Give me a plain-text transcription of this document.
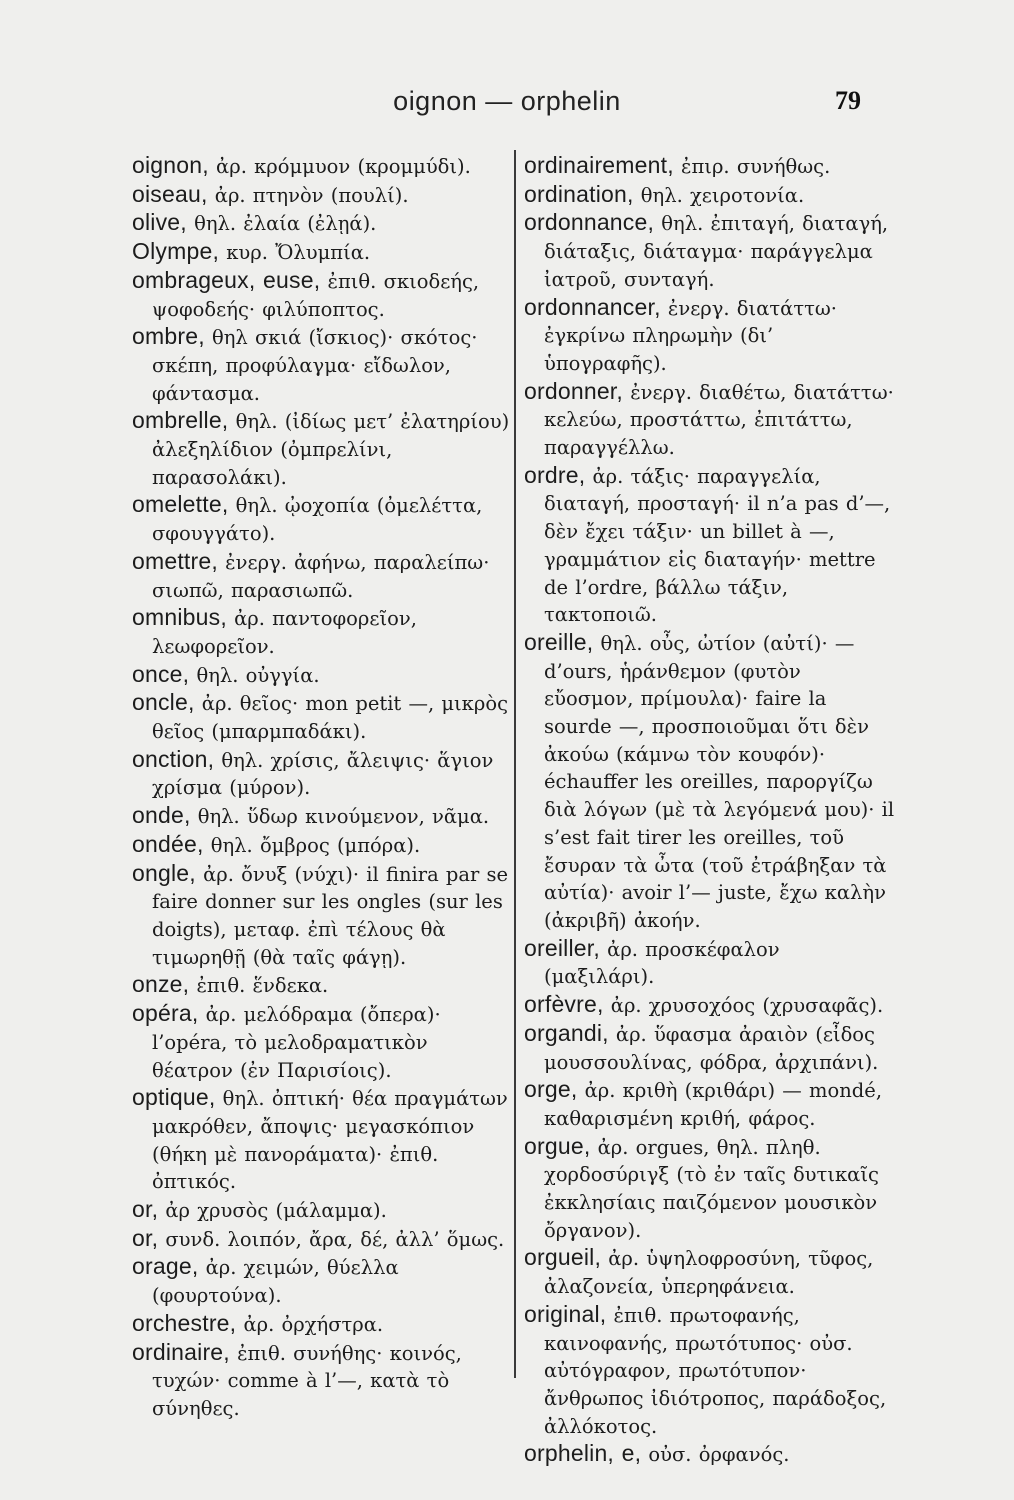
oignon — orphelin	79

oignon, ἀρ. κρόμμυον (κρομμύδι).

oiseau, ἀρ. πτηνὸν (πουλί).

olive, θηλ. ἐλαία (ἐλῃά).

Olympe, κυρ. Ὄλυμπία.

ombrageux, euse, ἐπιθ. σκιοδεής, ψοφοδεής· φιλύποπτος.

ombre, θηλ σκιά (ἴσκιος)· σκότος· σκέπη, προφύλαγμα· εἴδωλον, φάντασμα.

ombrelle, θηλ. (ἰδίως μετ’ ἐλατηρίου) ἀλεξηλίδιον (ὀμπρελίνι, παρασολάκι).

omelette, θηλ. ᾠοχοπία (ὀμελέττα, σφουγγάτο).

omettre, ἐνεργ. ἀφήνω, παραλείπω· σιωπῶ, παρασιωπῶ.

omnibus, ἀρ. παντοφορεῖον, λεωφορεῖον.

once, θηλ. οὐγγία.

oncle, ἀρ. θεῖος· mon petit —, μικρὸς θεῖος (μπαρμπαδάκι).

onction, θηλ. χρίσις, ἄλειψις· ἅγιον χρίσμα (μύρον).

onde, θηλ. ὕδωρ κινούμενον, νᾶμα.

ondée, θηλ. ὄμβρος (μπόρα).

ongle, ἀρ. ὄνυξ (νύχι)· il finira par se faire donner sur les ongles (sur les doigts), μεταφ. ἐπὶ τέλους θὰ τιμωρηθῇ (θὰ ταῖς φάγῃ).

onze, ἐπιθ. ἕνδεκα.

opéra, ἀρ. μελόδραμα (ὄπερα)· l’opéra, τὸ μελοδραματικὸν θέατρον (ἐν Παρισίοις).

optique, θηλ. ὀπτική· θέα πραγμάτων μακρόθεν, ἄποψις· μεγασκόπιον (θήκη μὲ πανοράματα)· ἐπιθ. ὀπτικός.

or, ἀρ χρυσὸς (μάλαμμα).

or, συνδ. λοιπόν, ἄρα, δέ, ἀλλ’ ὅμως.

orage, ἀρ. χειμών, θύελλα (φουρτούνα).

orchestre, ἀρ. ὀρχήστρα.

ordinaire, ἐπιθ. συνήθης· κοινός, τυχών· comme à l’—, κατὰ τὸ σύνηθες.

ordinairement, ἐπιρ. συνήθως.

ordination, θηλ. χειροτονία.

ordonnance, θηλ. ἐπιταγή, διαταγή, διάταξις, διάταγμα· παράγγελμα ἰατροῦ, συνταγή.

ordonnancer, ἐνεργ. διατάττω· ἐγκρίνω πληρωμὴν (δι’ ὑπογραφῆς).

ordonner, ἐνεργ. διαθέτω, διατάττω· κελεύω, προστάττω, ἐπιτάττω, παραγγέλλω.

ordre, ἀρ. τάξις· παραγγελία, διαταγή, προσταγή· il n’a pas d’—, δὲν ἔχει τάξιν· un billet à —, γραμμάτιον εἰς διαταγήν· mettre de l’ordre, βάλλω τάξιν, τακτοποιῶ.

oreille, θηλ. οὖς, ὠτίον (αὐτί)· — d’ours, ἡράνθεμον (φυτὸν εὔοσμον, πρίμουλα)· faire la sourde —, προσποιοῦμαι ὅτι δὲν ἀκούω (κάμνω τὸν κουφόν)· échauffer les oreilles, παροργίζω διὰ λόγων (μὲ τὰ λεγόμενά μου)· il s’est fait tirer les oreilles, τοῦ ἔσυραν τὰ ὦτα (τοῦ ἐτράβηξαν τὰ αὐτία)· avoir l’— juste, ἔχω καλὴν (ἀκριβῆ) ἀκοήν.

oreiller, ἀρ. προσκέφαλον (μαξιλάρι).

orfèvre, ἀρ. χρυσοχόος (χρυσαφᾶς).

organdi, ἀρ. ὕφασμα ἀραιὸν (εἶδος μουσσουλίνας, φόδρα, ἀρχιπάνι).

orge, ἀρ. κριθὴ (κριθάρι) — mondé, καθαρισμένη κριθή, φάρος.

orgue, ἀρ. orgues, θηλ. πληθ. χορδοσύριγξ (τὸ ἐν ταῖς δυτικαῖς ἐκκλησίαις παιζόμενον μουσικὸν ὄργανον).

orgueil, ἀρ. ὑψηλοφροσύνη, τῦφος, ἀλαζονεία, ὑπερηφάνεια.

original, ἐπιθ. πρωτοφανής, καινοφανής, πρωτότυπος· οὐσ. αὐτόγραφον, πρωτότυπον· ἄνθρωπος ἰδιότροπος, παράδοξος, ἀλλόκοτος.

orphelin, e, οὐσ. ὀρφανός.
